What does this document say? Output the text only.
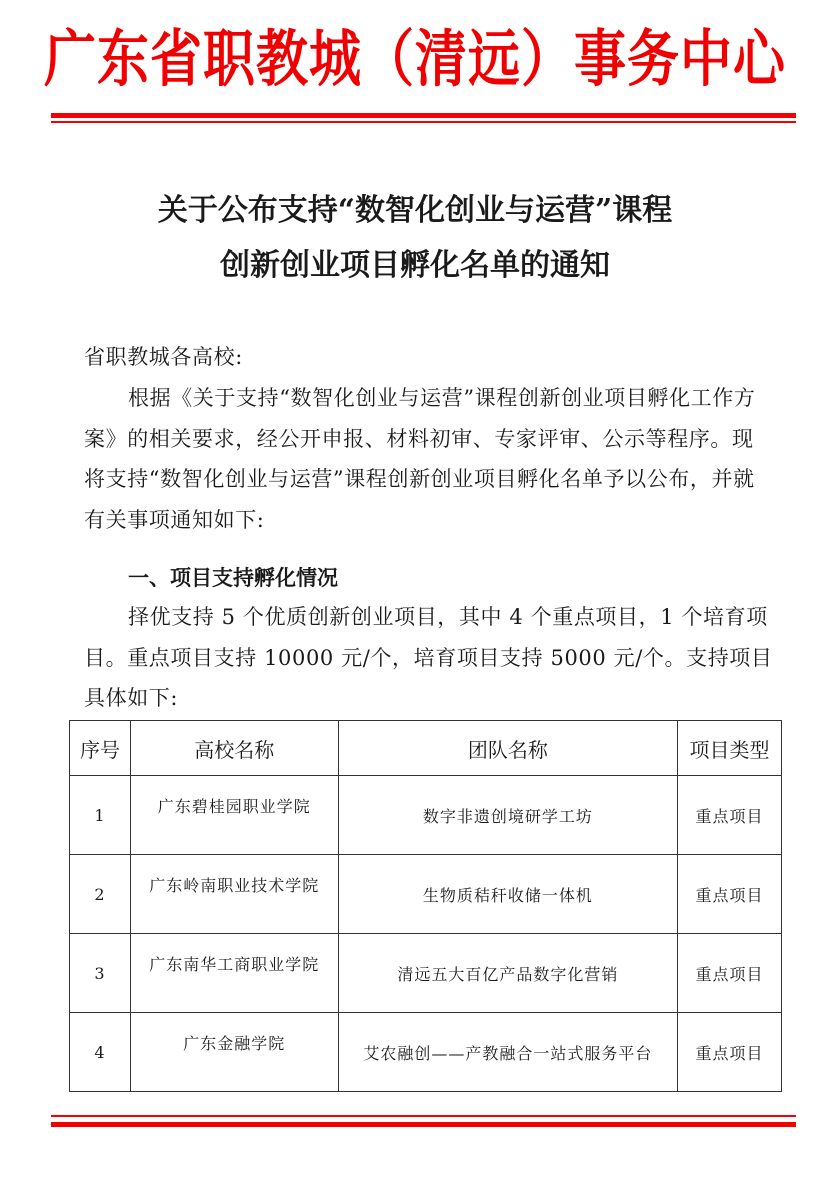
广东省职教城（清远）事务中心
关于公布支持“数智化创业与运营”课程
创新创业项目孵化名单的通知
省职教城各高校:
根据《关于支持“数智化创业与运营”课程创新创业项目孵化工作方案》的相关要求，经公开申报、材料初审、专家评审、公示等程序。现将支持“数智化创业与运营”课程创新创业项目孵化名单予以公布，并就有关事项通知如下:
一、项目支持孵化情况
择优支持 5 个优质创新创业项目，其中 4 个重点项目，1 个培育项目。重点项目支持 10000 元/个，培育项目支持 5000 元/个。支持项目具体如下:
序号	高校名称	团队名称	项目类型
1	广东碧桂园职业学院	数字非遗创境研学工坊	重点项目
2	广东岭南职业技术学院	生物质秸秆收储一体机	重点项目
3	广东南华工商职业学院	清远五大百亿产品数字化营销	重点项目
4	广东金融学院	艾农融创——产教融合一站式服务平台	重点项目
